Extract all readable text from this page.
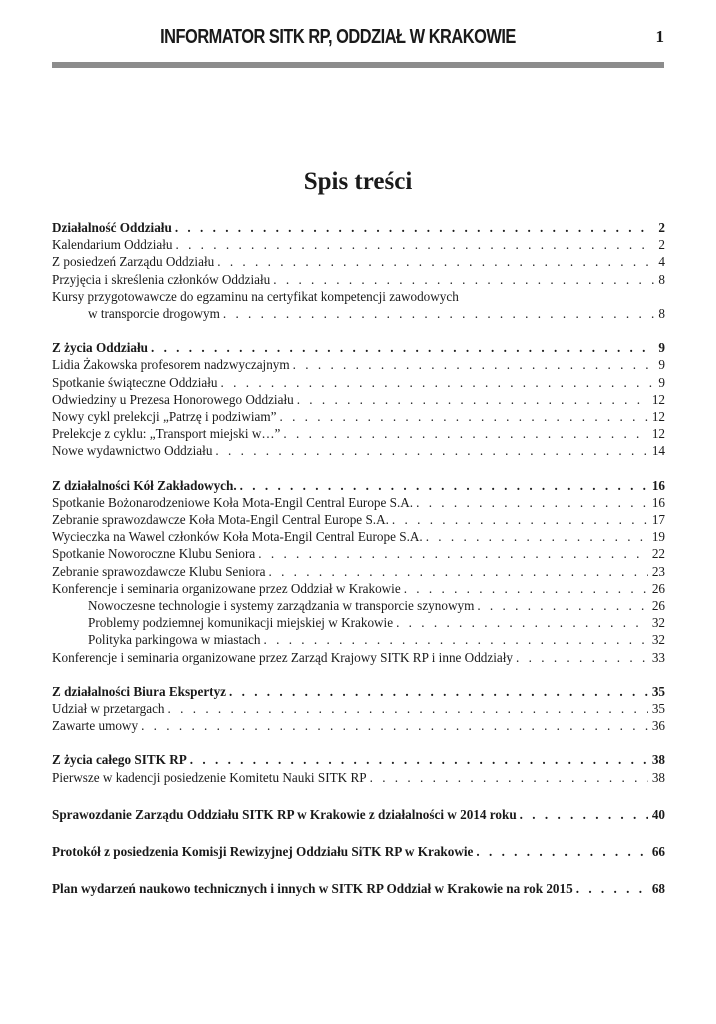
INFORMATOR SITK RP, ODDZIAŁ W KRAKOWIE	1
Spis treści
Działalność Oddziału . . .	2
Kalendarium Oddziału . . .	2
Z posiedzeń Zarządu Oddziału . . .	4
Przyjęcia i skreślenia członków Oddziału . . .	8
Kursy przygotowawcze do egzaminu na certyfikat kompetencji zawodowych
w transporcie drogowym . . .	8
Z życia Oddziału . . .	9
Lidia Żakowska profesorem nadzwyczajnym . . .	9
Spotkanie świąteczne Oddziału . . .	9
Odwiedziny u Prezesa Honorowego Oddziału . . .	12
Nowy cykl prelekcji „Patrzę i podziwiam” . . .	12
Prelekcje z cyklu: „Transport miejski w…” . . .	12
Nowe wydawnictwo Oddziału . . .	14
Z działalności Kół Zakładowych. . . .	16
Spotkanie Bożonarodzeniowe Koła Mota-Engil Central Europe S.A. . . .	16
Zebranie sprawozdawcze Koła Mota-Engil Central Europe S.A. . . .	17
Wycieczka na Wawel członków Koła Mota-Engil Central Europe S.A. . . .	19
Spotkanie Noworoczne Klubu Seniora . . .	22
Zebranie sprawozdawcze Klubu Seniora . . .	23
Konferencje i seminaria organizowane przez Oddział w Krakowie . . .	26
Nowoczesne technologie i systemy zarządzania w transporcie szynowym . . .	26
Problemy podziemnej komunikacji miejskiej w Krakowie . . .	32
Polityka parkingowa w miastach . . .	32
Konferencje i seminaria organizowane przez Zarząd Krajowy SITK RP i inne Oddziały . . .	33
Z działalności Biura Ekspertyz . . .	35
Udział w przetargach . . .	35
Zawarte umowy . . .	36
Z życia całego SITK RP . . .	38
Pierwsze w kadencji posiedzenie Komitetu Nauki SITK RP . . .	38
Sprawozdanie Zarządu Oddziału SITK RP w Krakowie z działalności w 2014 roku . . .	40
Protokół z posiedzenia Komisji Rewizyjnej Oddziału SiTK RP w Krakowie . . .	66
Plan wydarzeń naukowo technicznych i innych w SITK RP Oddział w Krakowie na rok 2015 . . .	68
